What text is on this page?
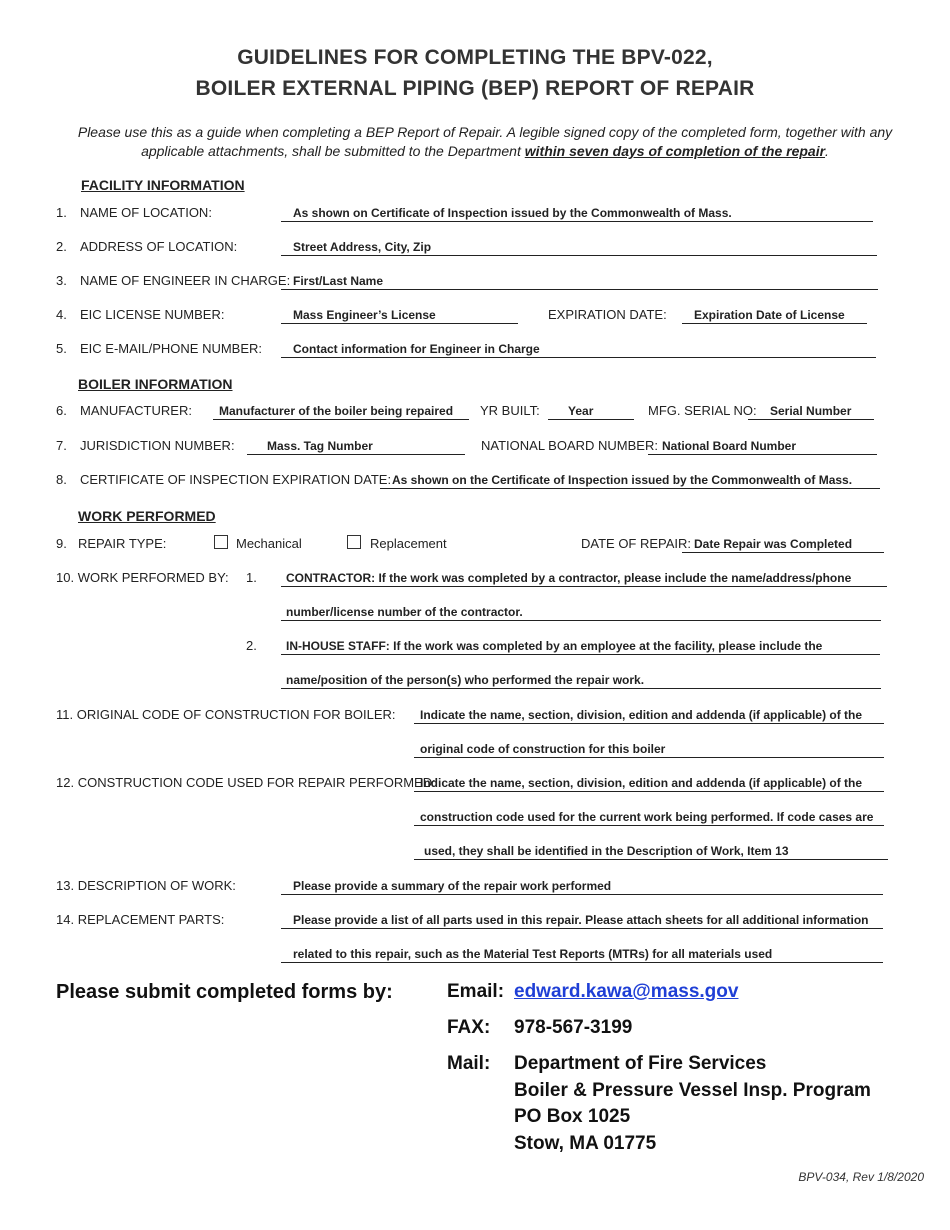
GUIDELINES FOR COMPLETING THE BPV-022,
BOILER EXTERNAL PIPING (BEP) REPORT OF REPAIR
Please use this as a guide when completing a BEP Report of Repair. A legible signed copy of the completed form, together with any applicable attachments, shall be submitted to the Department within seven days of completion of the repair.
FACILITY INFORMATION
1. NAME OF LOCATION:	As shown on Certificate of Inspection issued by the Commonwealth of Mass.
2. ADDRESS OF LOCATION:	Street Address, City, Zip
3. NAME OF ENGINEER IN CHARGE: First/Last Name
4. EIC LICENSE NUMBER:	Mass Engineer’s License	EXPIRATION DATE:	Expiration Date of License
5. EIC E-MAIL/PHONE NUMBER:	Contact information for Engineer in Charge
BOILER INFORMATION
6. MANUFACTURER:	Manufacturer of the boiler being repaired	YR BUILT:	Year	MFG. SERIAL NO:	Serial Number
7. JURISDICTION NUMBER:	Mass. Tag Number	NATIONAL BOARD NUMBER: National Board Number
8. CERTIFICATE OF INSPECTION EXPIRATION DATE: As shown on the Certificate of Inspection issued by the Commonwealth of Mass.
WORK PERFORMED
9. REPAIR TYPE:	Mechanical	Replacement	DATE OF REPAIR: Date Repair was Completed
10. WORK PERFORMED BY: 1.	CONTRACTOR: If the work was completed by a contractor, please include the name/address/phone
number/license number of the contractor.
2.	IN-HOUSE STAFF: If the work was completed by an employee at the facility, please include the
name/position of the person(s) who performed the repair work.
11. ORIGINAL CODE OF CONSTRUCTION FOR BOILER:	Indicate the name, section, division, edition and addenda (if applicable) of the
original code of construction for this boiler
12. CONSTRUCTION CODE USED FOR REPAIR PERFORMED:
Indicate the name, section, division, edition and addenda (if applicable) of the
construction code used for the current work being performed. If code cases are
used, they shall be identified in the Description of Work, Item 13
13. DESCRIPTION OF WORK:	Please provide a summary of the repair work performed
14. REPLACEMENT PARTS:	Please provide a list of all parts used in this repair. Please attach sheets for all additional information
related to this repair, such as the Material Test Reports (MTRs) for all materials used
Please submit completed forms by:	Email: edward.kawa@mass.gov
FAX: 978-567-3199
Mail: Department of Fire Services
Boiler & Pressure Vessel Insp. Program
PO Box 1025
Stow, MA 01775
BPV-034, Rev 1/8/2020
